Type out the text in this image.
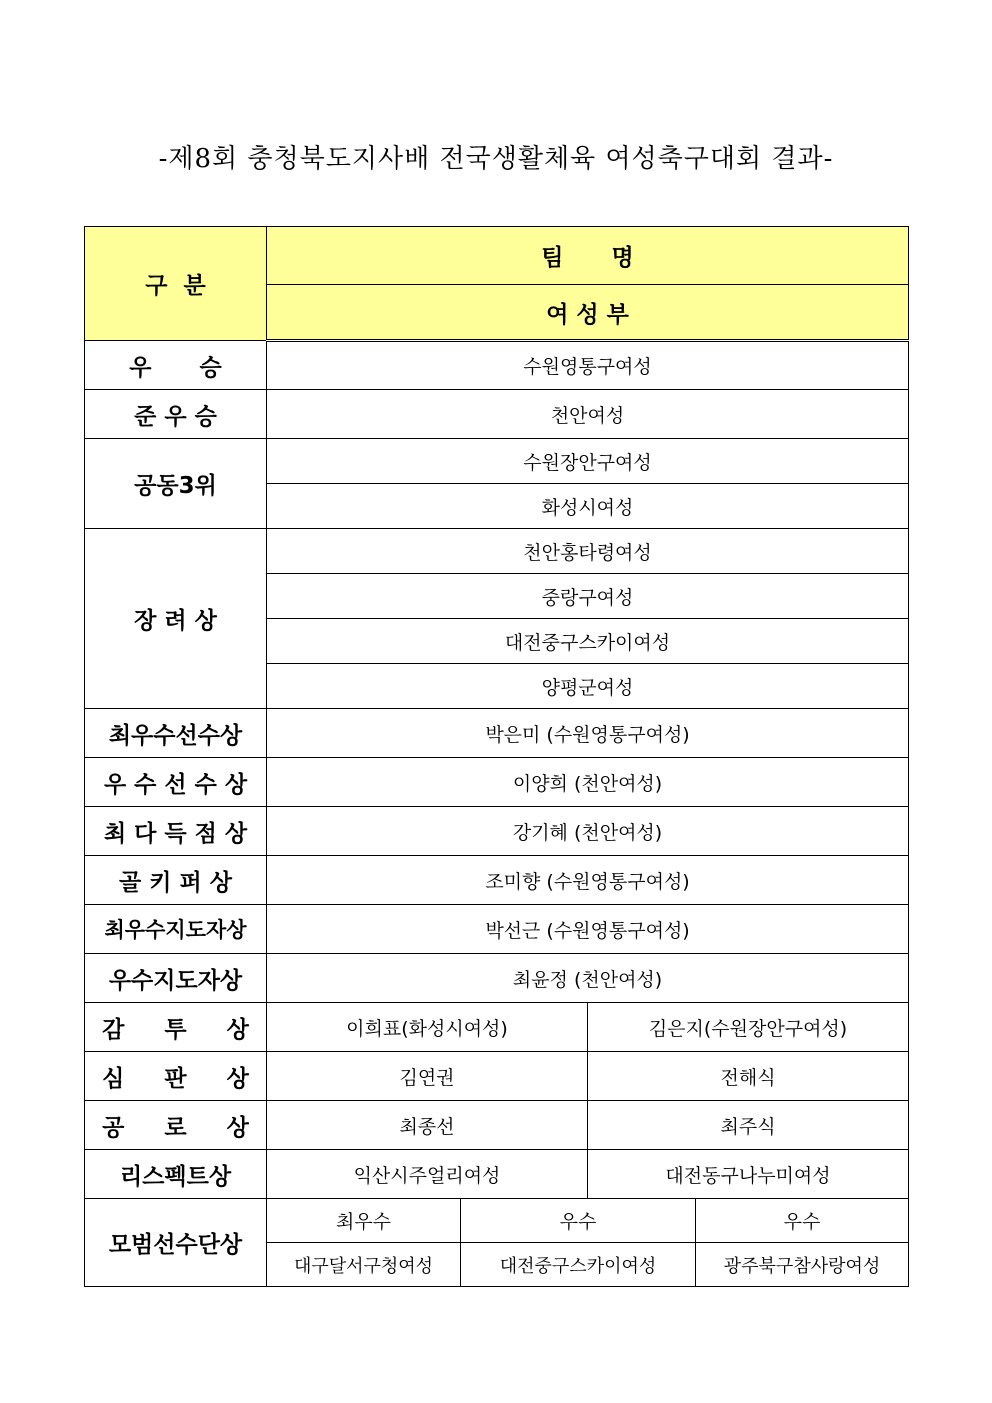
-제8회 충청북도지사배 전국생활체육 여성축구대회 결과-
구  분	팀      명			
	여 성 부			
우      승	수원영통구여성			
준 우 승	천안여성			
공동3위	수원장안구여성			
	화성시여성			
장 려 상	천안홍타령여성			
	중랑구여성			
	대전중구스카이여성			
	양평군여성			
최우수선수상	박은미 (수원영통구여성)			
우 수 선 수 상	이양희 (천안여성)			
최 다 득 점 상	강기혜 (천안여성)			
골 키 퍼 상	조미향 (수원영통구여성)			
최우수지도자상	박선근 (수원영통구여성)			
우수지도자상	최윤정 (천안여성)			
감     투     상	이희표(화성시여성)		김은지(수원장안구여성)	
심     판     상	김연권		전해식	
공     로     상	최종선		최주식	
리스펙트상	익산시주얼리여성		대전동구나누미여성	
모범선수단상	최우수	우수		우수
	대구달서구청여성	대전중구스카이여성		광주북구참사랑여성
